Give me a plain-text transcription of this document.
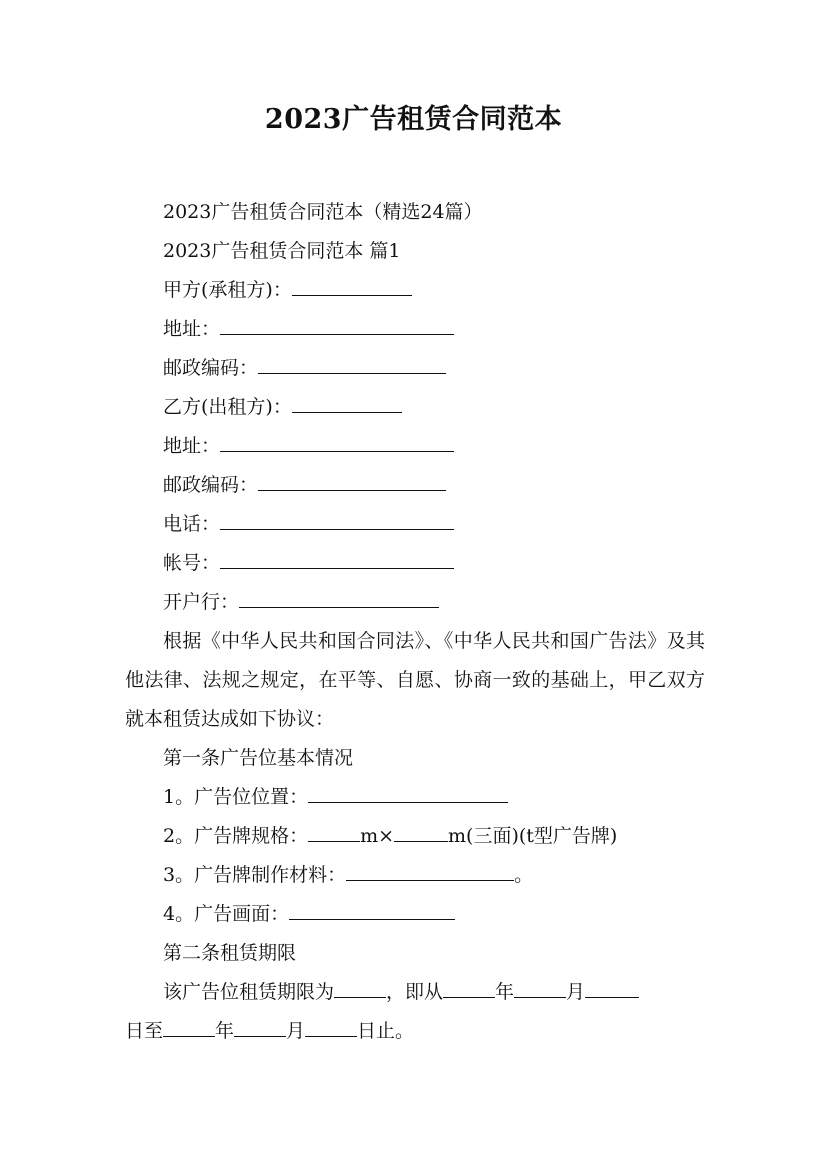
2023广告租赁合同范本

2023广告租赁合同范本（精选24篇）

2023广告租赁合同范本 篇1

甲方(承租方)：

地址：

邮政编码：

乙方(出租方)：

地址：

邮政编码：

电话：

帐号：

开户行：

根据《中华人民共和国合同法》、《中华人民共和国广告法》及其他法律、法规之规定，在平等、自愿、协商一致的基础上，甲乙双方就本租赁达成如下协议：

第一条广告位基本情况

1。广告位位置：

2。广告牌规格：	m×	m(三面)(t型广告牌)

3。广告牌制作材料：	。

4。广告画面：

第二条租赁期限

该广告位租赁期限为	，即从	年	月

日至	年	月	日止。
